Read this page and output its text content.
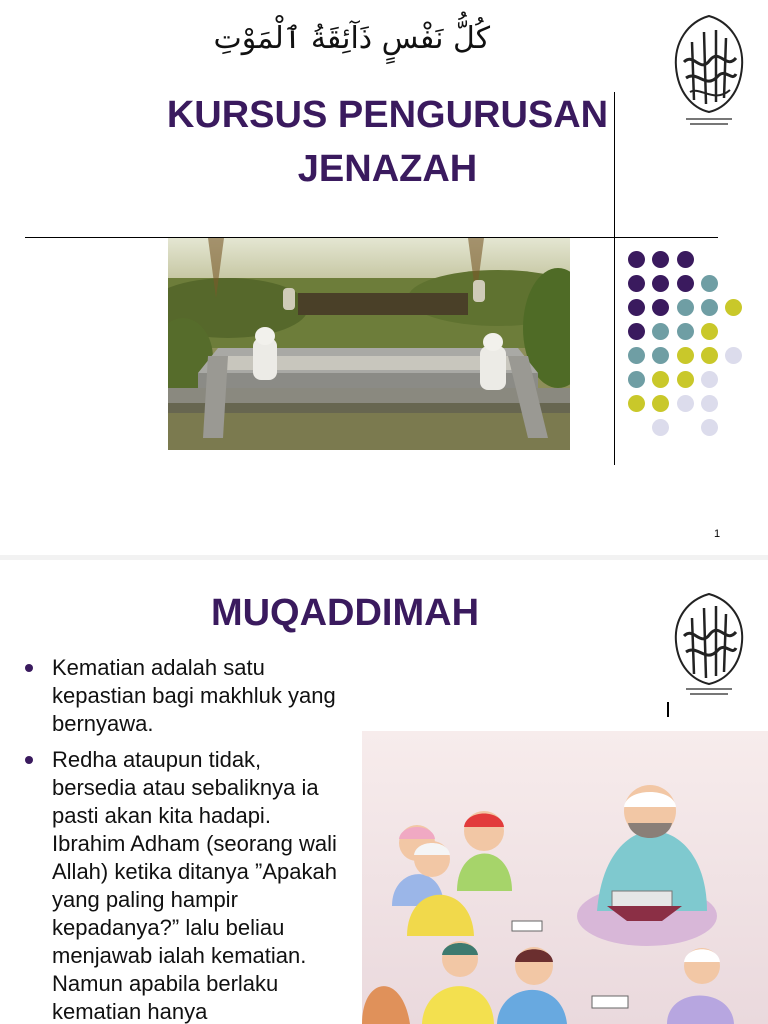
كُلُّ نَفْسٍ ذَآئِقَةُ ٱلْمَوْتِ
KURSUS PENGURUSAN
JENAZAH
1
MUQADDIMAH
Kematian adalah satu kepastian bagi makhluk yang bernyawa.
Redha ataupun tidak, bersedia atau sebaliknya ia pasti akan kita hadapi. Ibrahim Adham (seorang wali Allah) ketika ditanya ”Apakah yang paling hampir kepadanya?” lalu beliau menjawab ialah kematian. Namun apabila berlaku kematian hanya
